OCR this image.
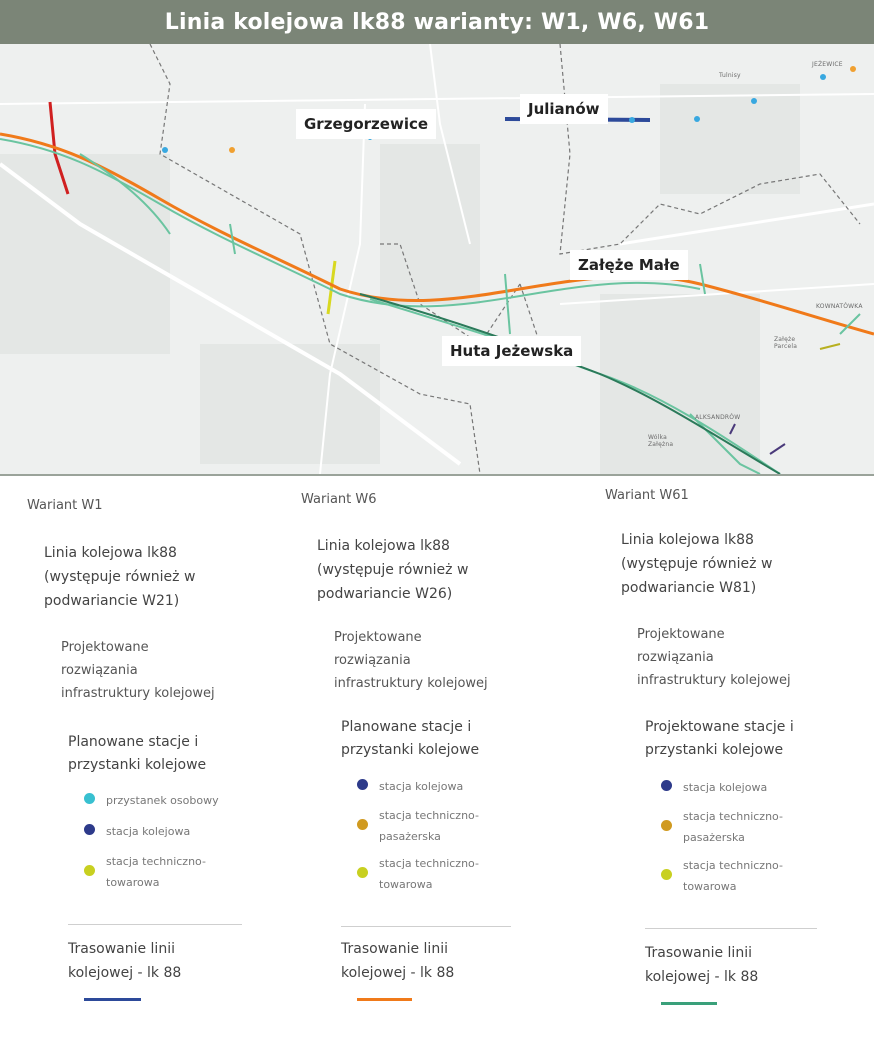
Linia kolejowa lk88 warianty: W1, W6, W61
Grzegorzewice
Julianów
Załęże Małe
Huta Jeżewska
Tulnisy
JEŻEWICE
KOWNATÓWKA
Załęże
Parcela
ALKSANDRÓW
Wólka
Załężna
Wariant W1
Linia kolejowa lk88
(występuje również w
podwariancie W21)
Projektowane
rozwiązania
infrastruktury kolejowej
Planowane stacje i
przystanki kolejowe
przystanek osobowy
stacja kolejowa
stacja techniczno-
towarowa
Trasowanie linii
kolejowej - lk 88
Wariant W6
Linia kolejowa lk88
(występuje również w
podwariancie W26)
Projektowane
rozwiązania
infrastruktury kolejowej
Planowane stacje i
przystanki kolejowe
stacja kolejowa
stacja techniczno-
pasażerska
stacja techniczno-
towarowa
Trasowanie linii
kolejowej - lk 88
Wariant W61
Linia kolejowa lk88
(występuje również w
podwariancie W81)
Projektowane
rozwiązania
infrastruktury kolejowej
Projektowane stacje i
przystanki kolejowe
stacja kolejowa
stacja techniczno-
pasażerska
stacja techniczno-
towarowa
Trasowanie linii
kolejowej - lk 88
